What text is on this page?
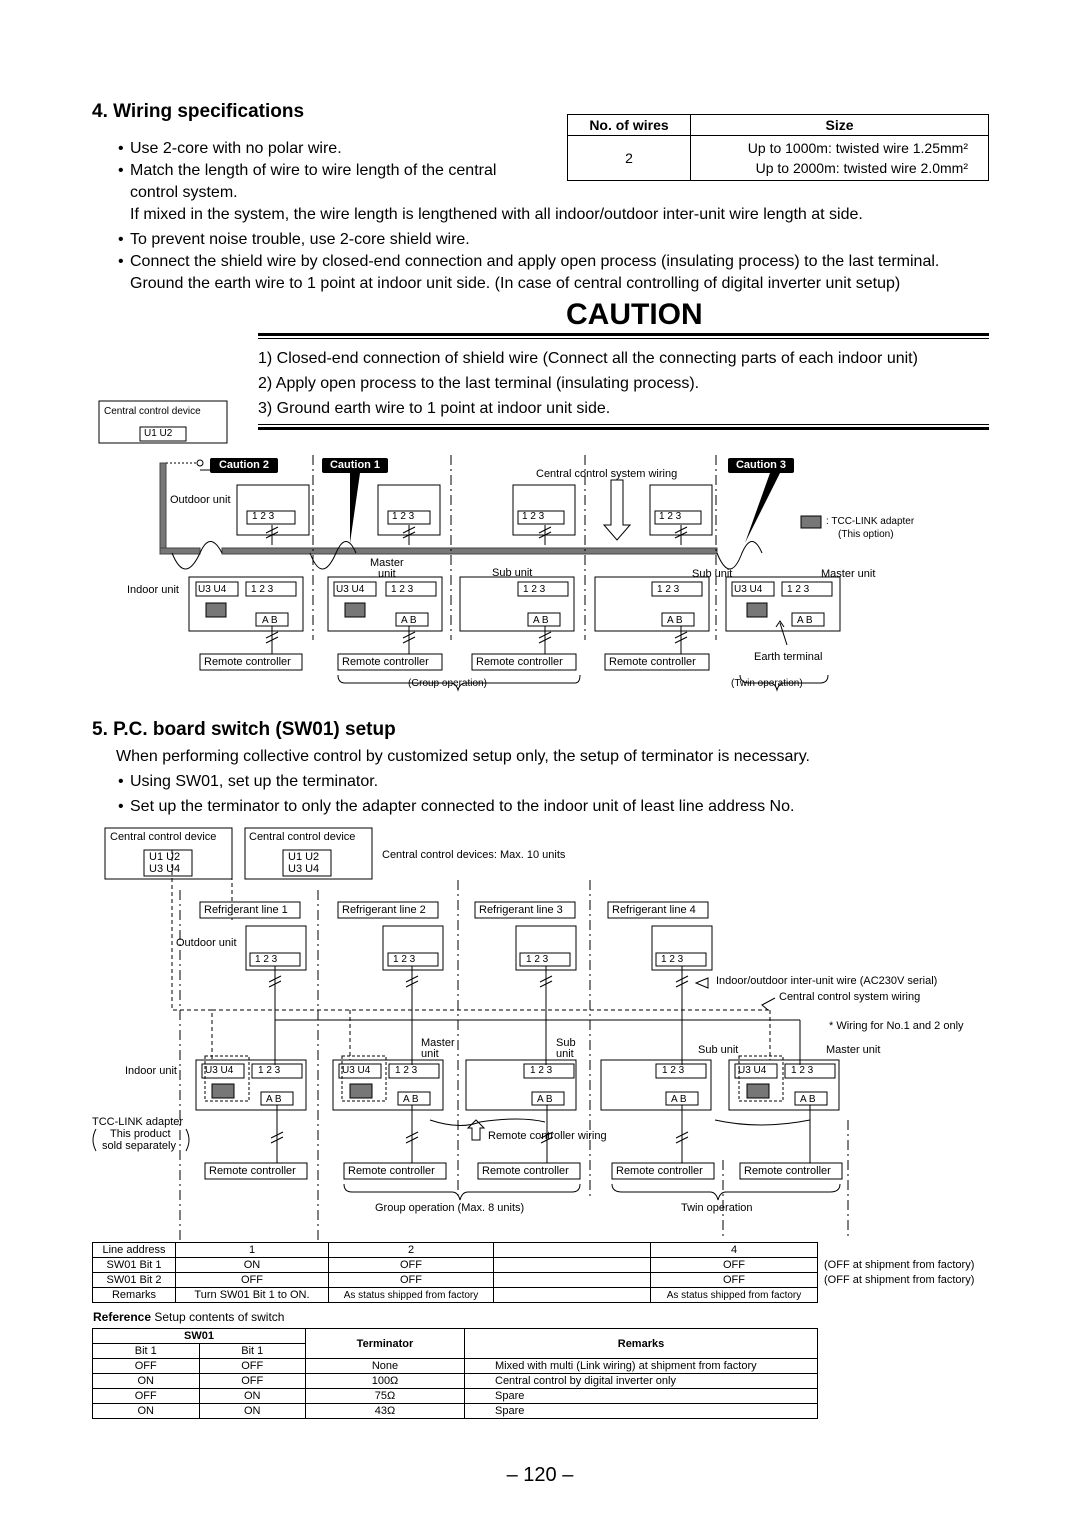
4. Wiring specifications
• Use 2-core with no polar wire.
• Match the length of wire to wire length of the central control system.
If mixed in the system, the wire length is lengthened with all indoor/outdoor inter-unit wire length at side.
• To prevent noise trouble, use 2-core shield wire.
• Connect the shield wire by closed-end connection and apply open process (insulating process) to the last terminal. Ground the earth wire to 1 point at indoor unit side. (In case of central controlling of digital inverter unit setup)
No. of wires	Size
2	Up to 1000m: twisted wire 1.25mm²
Up to 2000m: twisted wire 2.0mm²
CAUTION
1) Closed-end connection of shield wire (Connect all the connecting parts of each indoor unit)
2) Apply open process to the last terminal (insulating process).
3) Ground earth wire to 1 point at indoor unit side.
Central control device
U1 U2
Caution 2	Caution 1	Caution 3
Central control system wiring
Outdoor unit
1 2 3	1 2 3	1 2 3	1 2 3	: TCC-LINK adapter
(This option)
Master
unit	Sub unit	Sub unit	Master unit
Indoor unit U3 U4 1 2 3	U3 U4	1 2 3	1 2 3	1 2 3	U3 U4 1 2 3
A B	A B	A B	A B	A B
Remote controller	Remote controller	Remote controller	Remote controller	Earth terminal
(Group operation)	(Twin operation)
5. P.C. board switch (SW01) setup
When performing collective control by customized setup only, the setup of terminator is necessary.
• Using SW01, set up the terminator.
• Set up the terminator to only the adapter connected to the indoor unit of least line address No.
Central control device	Central control device
U1 U2
U3 U4
U1 U2
U3 U4
Central control devices: Max. 10 units
Refrigerant line 1	Refrigerant line 2	Refrigerant line 3	Refrigerant line 4
Outdoor unit
1 2 3	1 2 3	1 2 3	1 2 3
Indoor/outdoor inter-unit wire (AC230V serial)
Central control system wiring
* Wiring for No.1 and 2 only
Master
unit
Sub
unit	Sub unit	Master unit
Indoor unit	U3 U4 1 2 3	U3 U4 1 2 3	1 2 3	1 2 3	U3 U4 1 2 3
A B	A B	A B	A B	A B
TCC-LINK adapter
This product
sold separately
Remote controller wiring
Remote controller	Remote controller	Remote controller	Remote controller	Remote controller
Group operation (Max. 8 units)	Twin operation
Line address	1	2		4
SW01 Bit 1	ON	OFF		OFF
SW01 Bit 2	OFF	OFF		OFF
Remarks	Turn SW01 Bit 1 to ON.	As status shipped from factory		As status shipped from factory
(OFF at shipment from factory)
(OFF at shipment from factory)
Reference Setup contents of switch
SW01		Terminator	Remarks
Bit 1	Bit 1		
OFF	OFF	None	Mixed with multi (Link wiring) at shipment from factory
ON	OFF	100Ω	Central control by digital inverter only
OFF	ON	75Ω	Spare
ON	ON	43Ω	Spare
– 120 –
